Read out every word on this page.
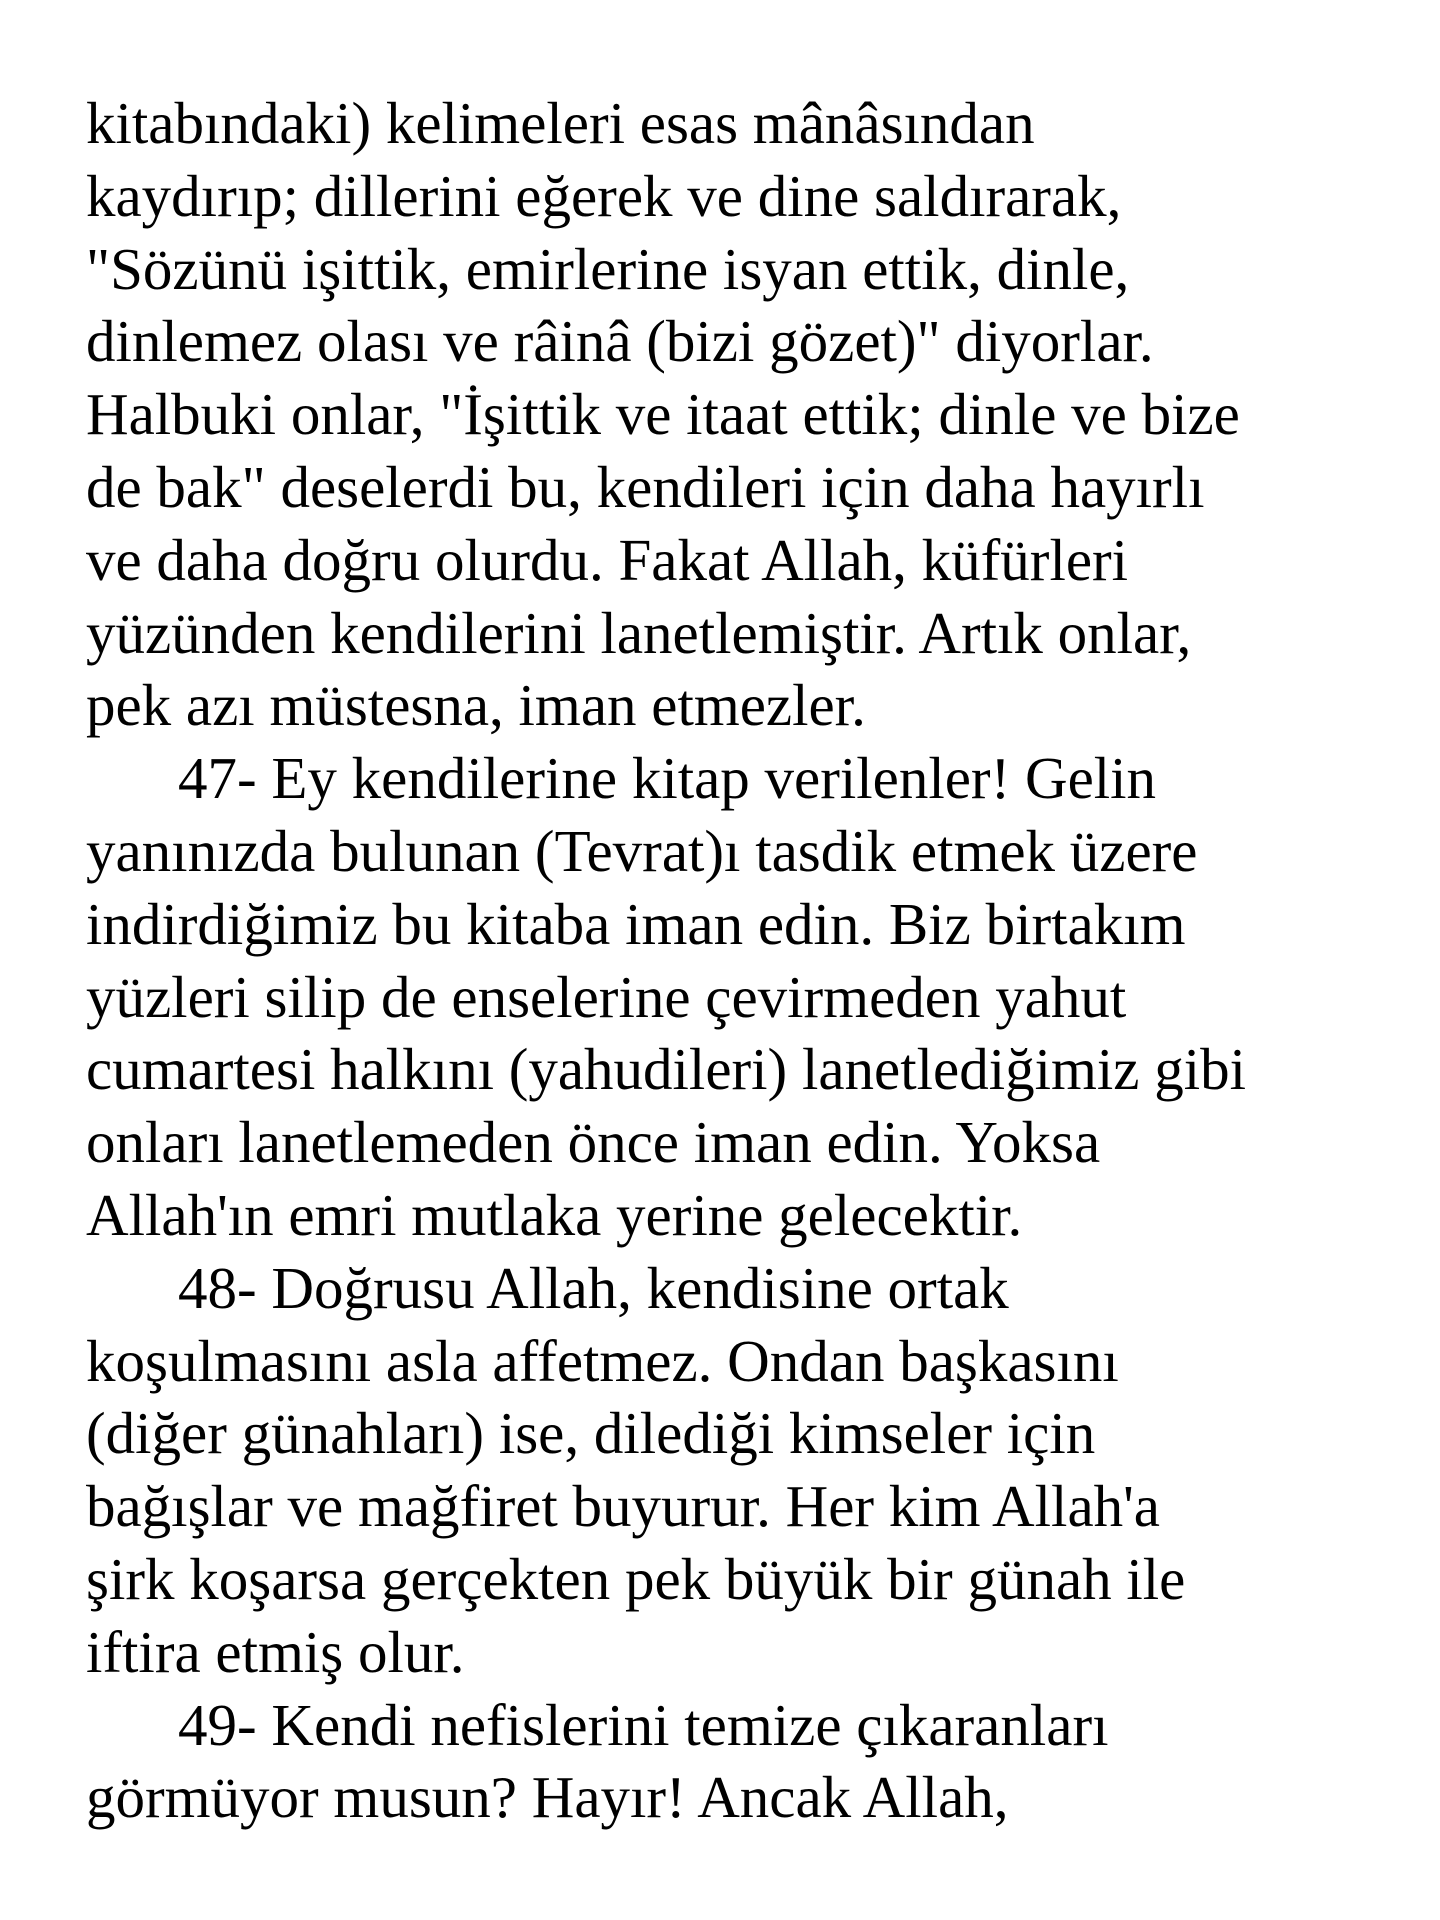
kitabındaki) kelimeleri esas mânâsından
kaydırıp; dillerini eğerek ve dine saldırarak,
"Sözünü işittik, emirlerine isyan ettik, dinle,
dinlemez olası ve râinâ (bizi gözet)" diyorlar.
Halbuki onlar, "İşittik ve itaat ettik; dinle ve bize
de bak" deselerdi bu, kendileri için daha hayırlı
ve daha doğru olurdu. Fakat Allah, küfürleri
yüzünden kendilerini lanetlemiştir. Artık onlar,
pek azı müstesna, iman etmezler.
47- Ey kendilerine kitap verilenler! Gelin
yanınızda bulunan (Tevrat)ı tasdik etmek üzere
indirdiğimiz bu kitaba iman edin. Biz birtakım
yüzleri silip de enselerine çevirmeden yahut
cumartesi halkını (yahudileri) lanetlediğimiz gibi
onları lanetlemeden önce iman edin. Yoksa
Allah'ın emri mutlaka yerine gelecektir.
48- Doğrusu Allah, kendisine ortak
koşulmasını asla affetmez. Ondan başkasını
(diğer günahları) ise, dilediği kimseler için
bağışlar ve mağfiret buyurur. Her kim Allah'a
şirk koşarsa gerçekten pek büyük bir günah ile
iftira etmiş olur.
49- Kendi nefislerini temize çıkaranları
görmüyor musun? Hayır! Ancak Allah,
